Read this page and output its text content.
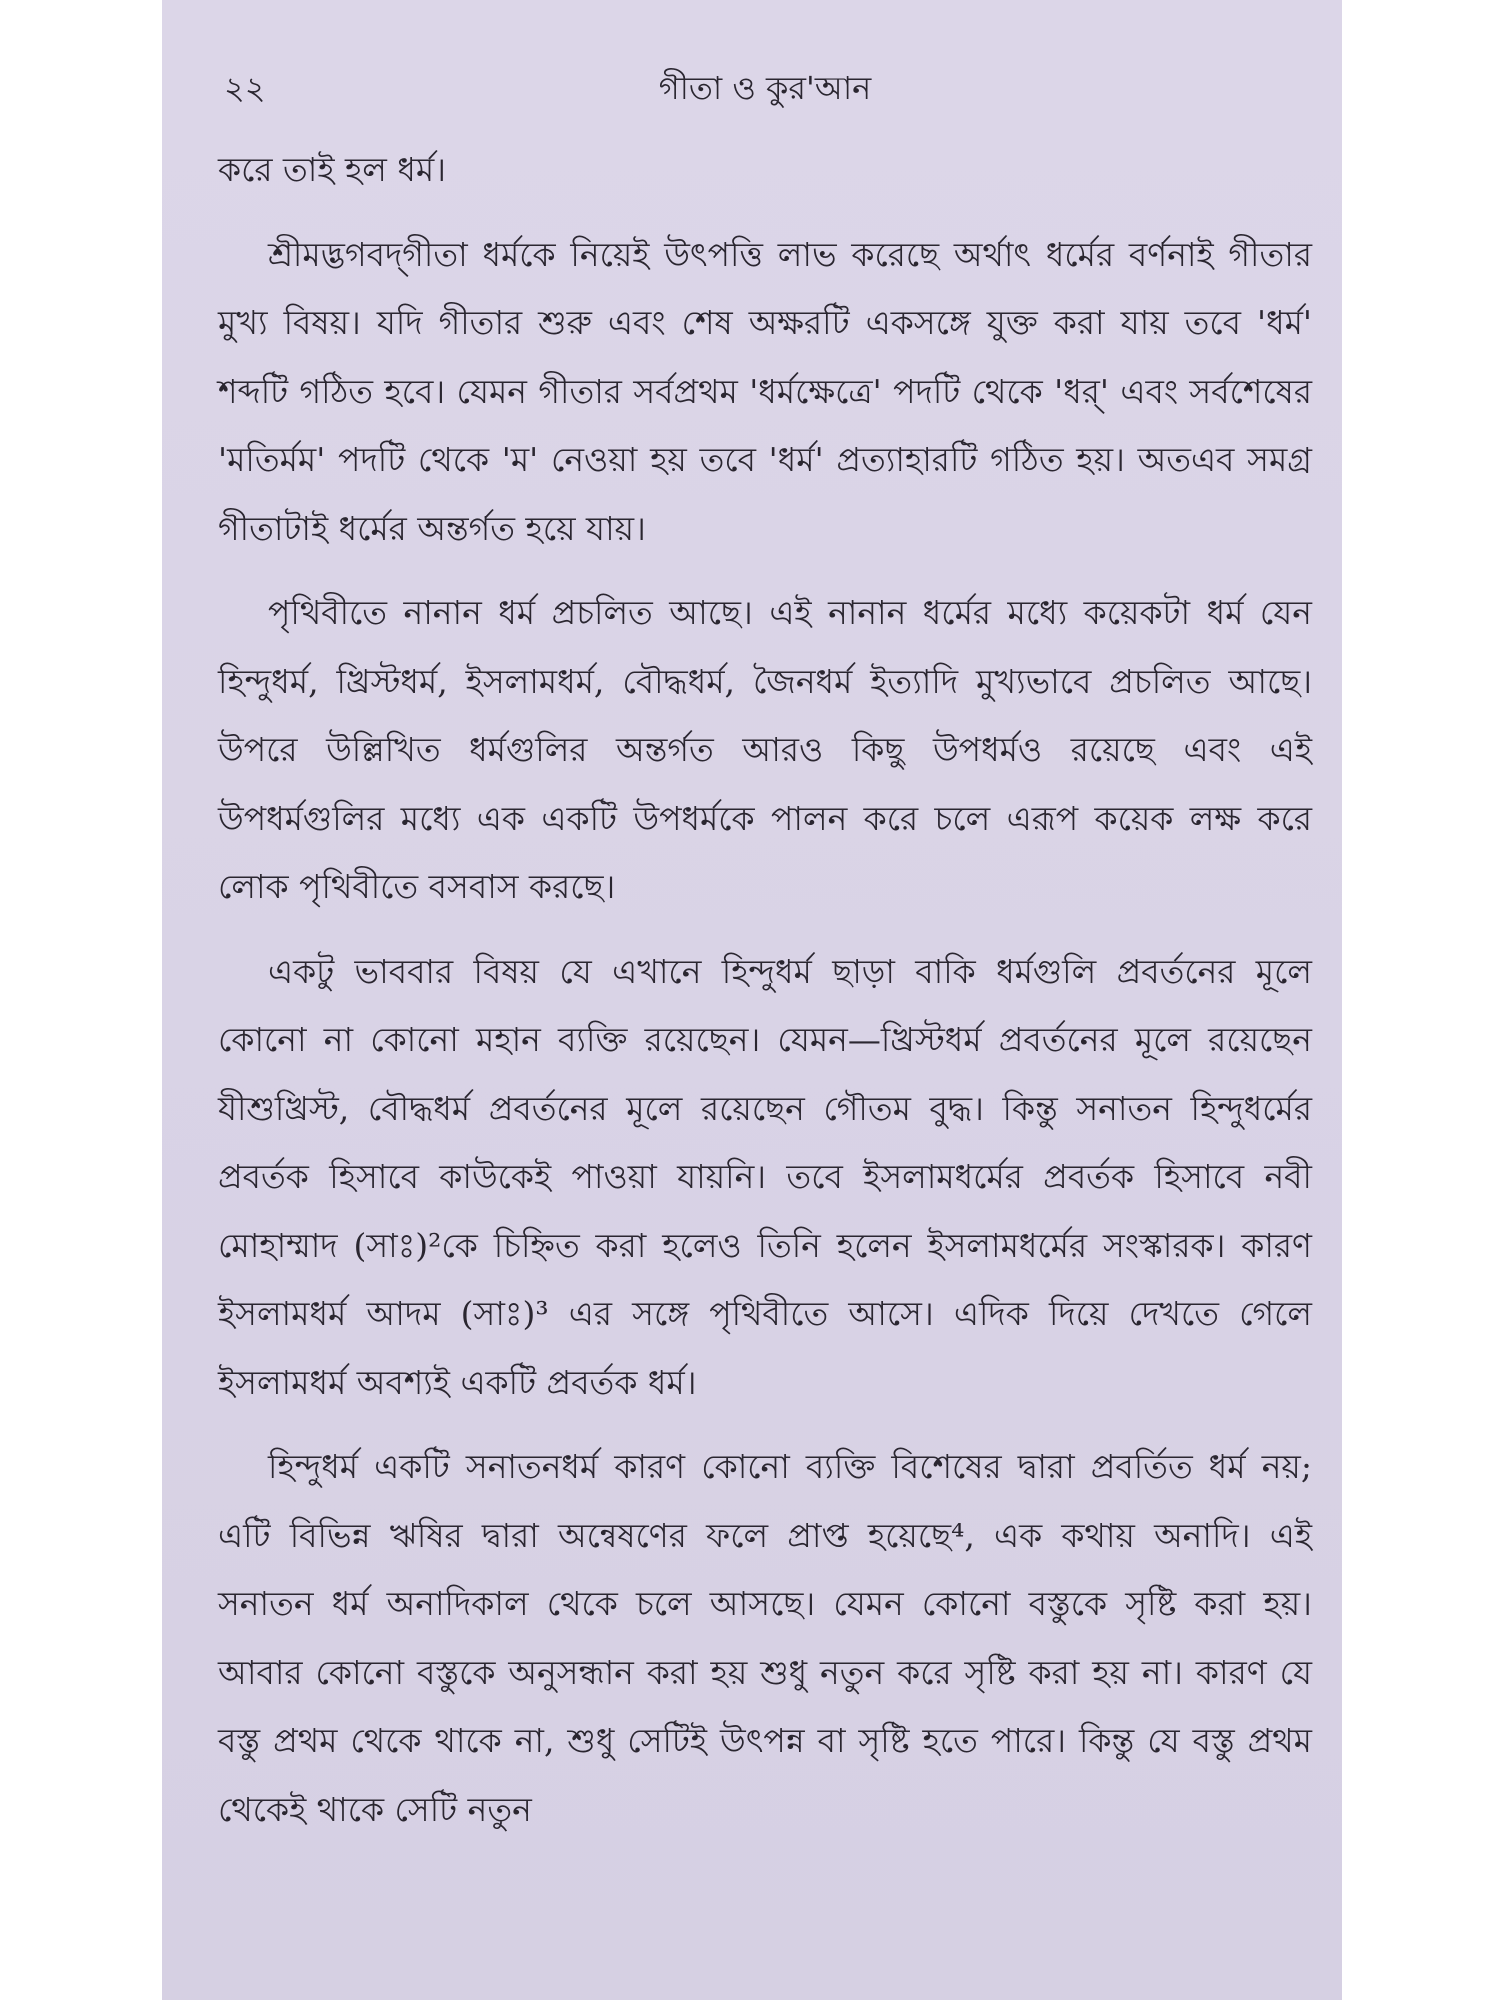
২২	গীতা ও কুর'আন

করে তাই হল ধর্ম।

শ্রীমদ্ভগবদ্‌গীতা ধর্মকে নিয়েই উৎপত্তি লাভ করেছে অর্থাৎ ধর্মের বর্ণনাই গীতার মুখ্য বিষয়। যদি গীতার শুরু এবং শেষ অক্ষরটি একসঙ্গে যুক্ত করা যায় তবে 'ধর্ম' শব্দটি গঠিত হবে। যেমন গীতার সর্বপ্রথম 'ধর্মক্ষেত্রে' পদটি থেকে 'ধর্‌' এবং সর্বশেষের 'মতির্মম' পদটি থেকে 'ম' নেওয়া হয় তবে 'ধর্ম' প্রত্যাহারটি গঠিত হয়। অতএব সমগ্র গীতাটাই ধর্মের অন্তর্গত হয়ে যায়।

পৃথিবীতে নানান ধর্ম প্রচলিত আছে। এই নানান ধর্মের মধ্যে কয়েকটা ধর্ম যেন হিন্দুধর্ম, খ্রিস্টধর্ম, ইসলামধর্ম, বৌদ্ধধর্ম, জৈনধর্ম ইত্যাদি মুখ্যভাবে প্রচলিত আছে। উপরে উল্লিখিত ধর্মগুলির অন্তর্গত আরও কিছু উপধর্মও রয়েছে এবং এই উপধর্মগুলির মধ্যে এক একটি উপধর্মকে পালন করে চলে এরূপ কয়েক লক্ষ করে লোক পৃথিবীতে বসবাস করছে।

একটু ভাববার বিষয় যে এখানে হিন্দুধর্ম ছাড়া বাকি ধর্মগুলি প্রবর্তনের মূলে কোনো না কোনো মহান ব্যক্তি রয়েছেন। যেমন—খ্রিস্টধর্ম প্রবর্তনের মূলে রয়েছেন যীশুখ্রিস্ট, বৌদ্ধধর্ম প্রবর্তনের মূলে রয়েছেন গৌতম বুদ্ধ। কিন্তু সনাতন হিন্দুধর্মের প্রবর্তক হিসাবে কাউকেই পাওয়া যায়নি। তবে ইসলামধর্মের প্রবর্তক হিসাবে নবী মোহাম্মাদ (সাঃ)²কে চিহ্নিত করা হলেও তিনি হলেন ইসলামধর্মের সংস্কারক। কারণ ইসলামধর্ম আদম (সাঃ)³ এর সঙ্গে পৃথিবীতে আসে। এদিক দিয়ে দেখতে গেলে ইসলামধর্ম অবশ্যই একটি প্রবর্তক ধর্ম।

হিন্দুধর্ম একটি সনাতনধর্ম কারণ কোনো ব্যক্তি বিশেষের দ্বারা প্রবর্তিত ধর্ম নয়; এটি বিভিন্ন ঋষির দ্বারা অন্বেষণের ফলে প্রাপ্ত হয়েছে⁴, এক কথায় অনাদি। এই সনাতন ধর্ম অনাদিকাল থেকে চলে আসছে। যেমন কোনো বস্তুকে সৃষ্টি করা হয়। আবার কোনো বস্তুকে অনুসন্ধান করা হয় শুধু নতুন করে সৃষ্টি করা হয় না। কারণ যে বস্তু প্রথম থেকে থাকে না, শুধু সেটিই উৎপন্ন বা সৃষ্টি হতে পারে। কিন্তু যে বস্তু প্রথম থেকেই থাকে সেটি নতুন
